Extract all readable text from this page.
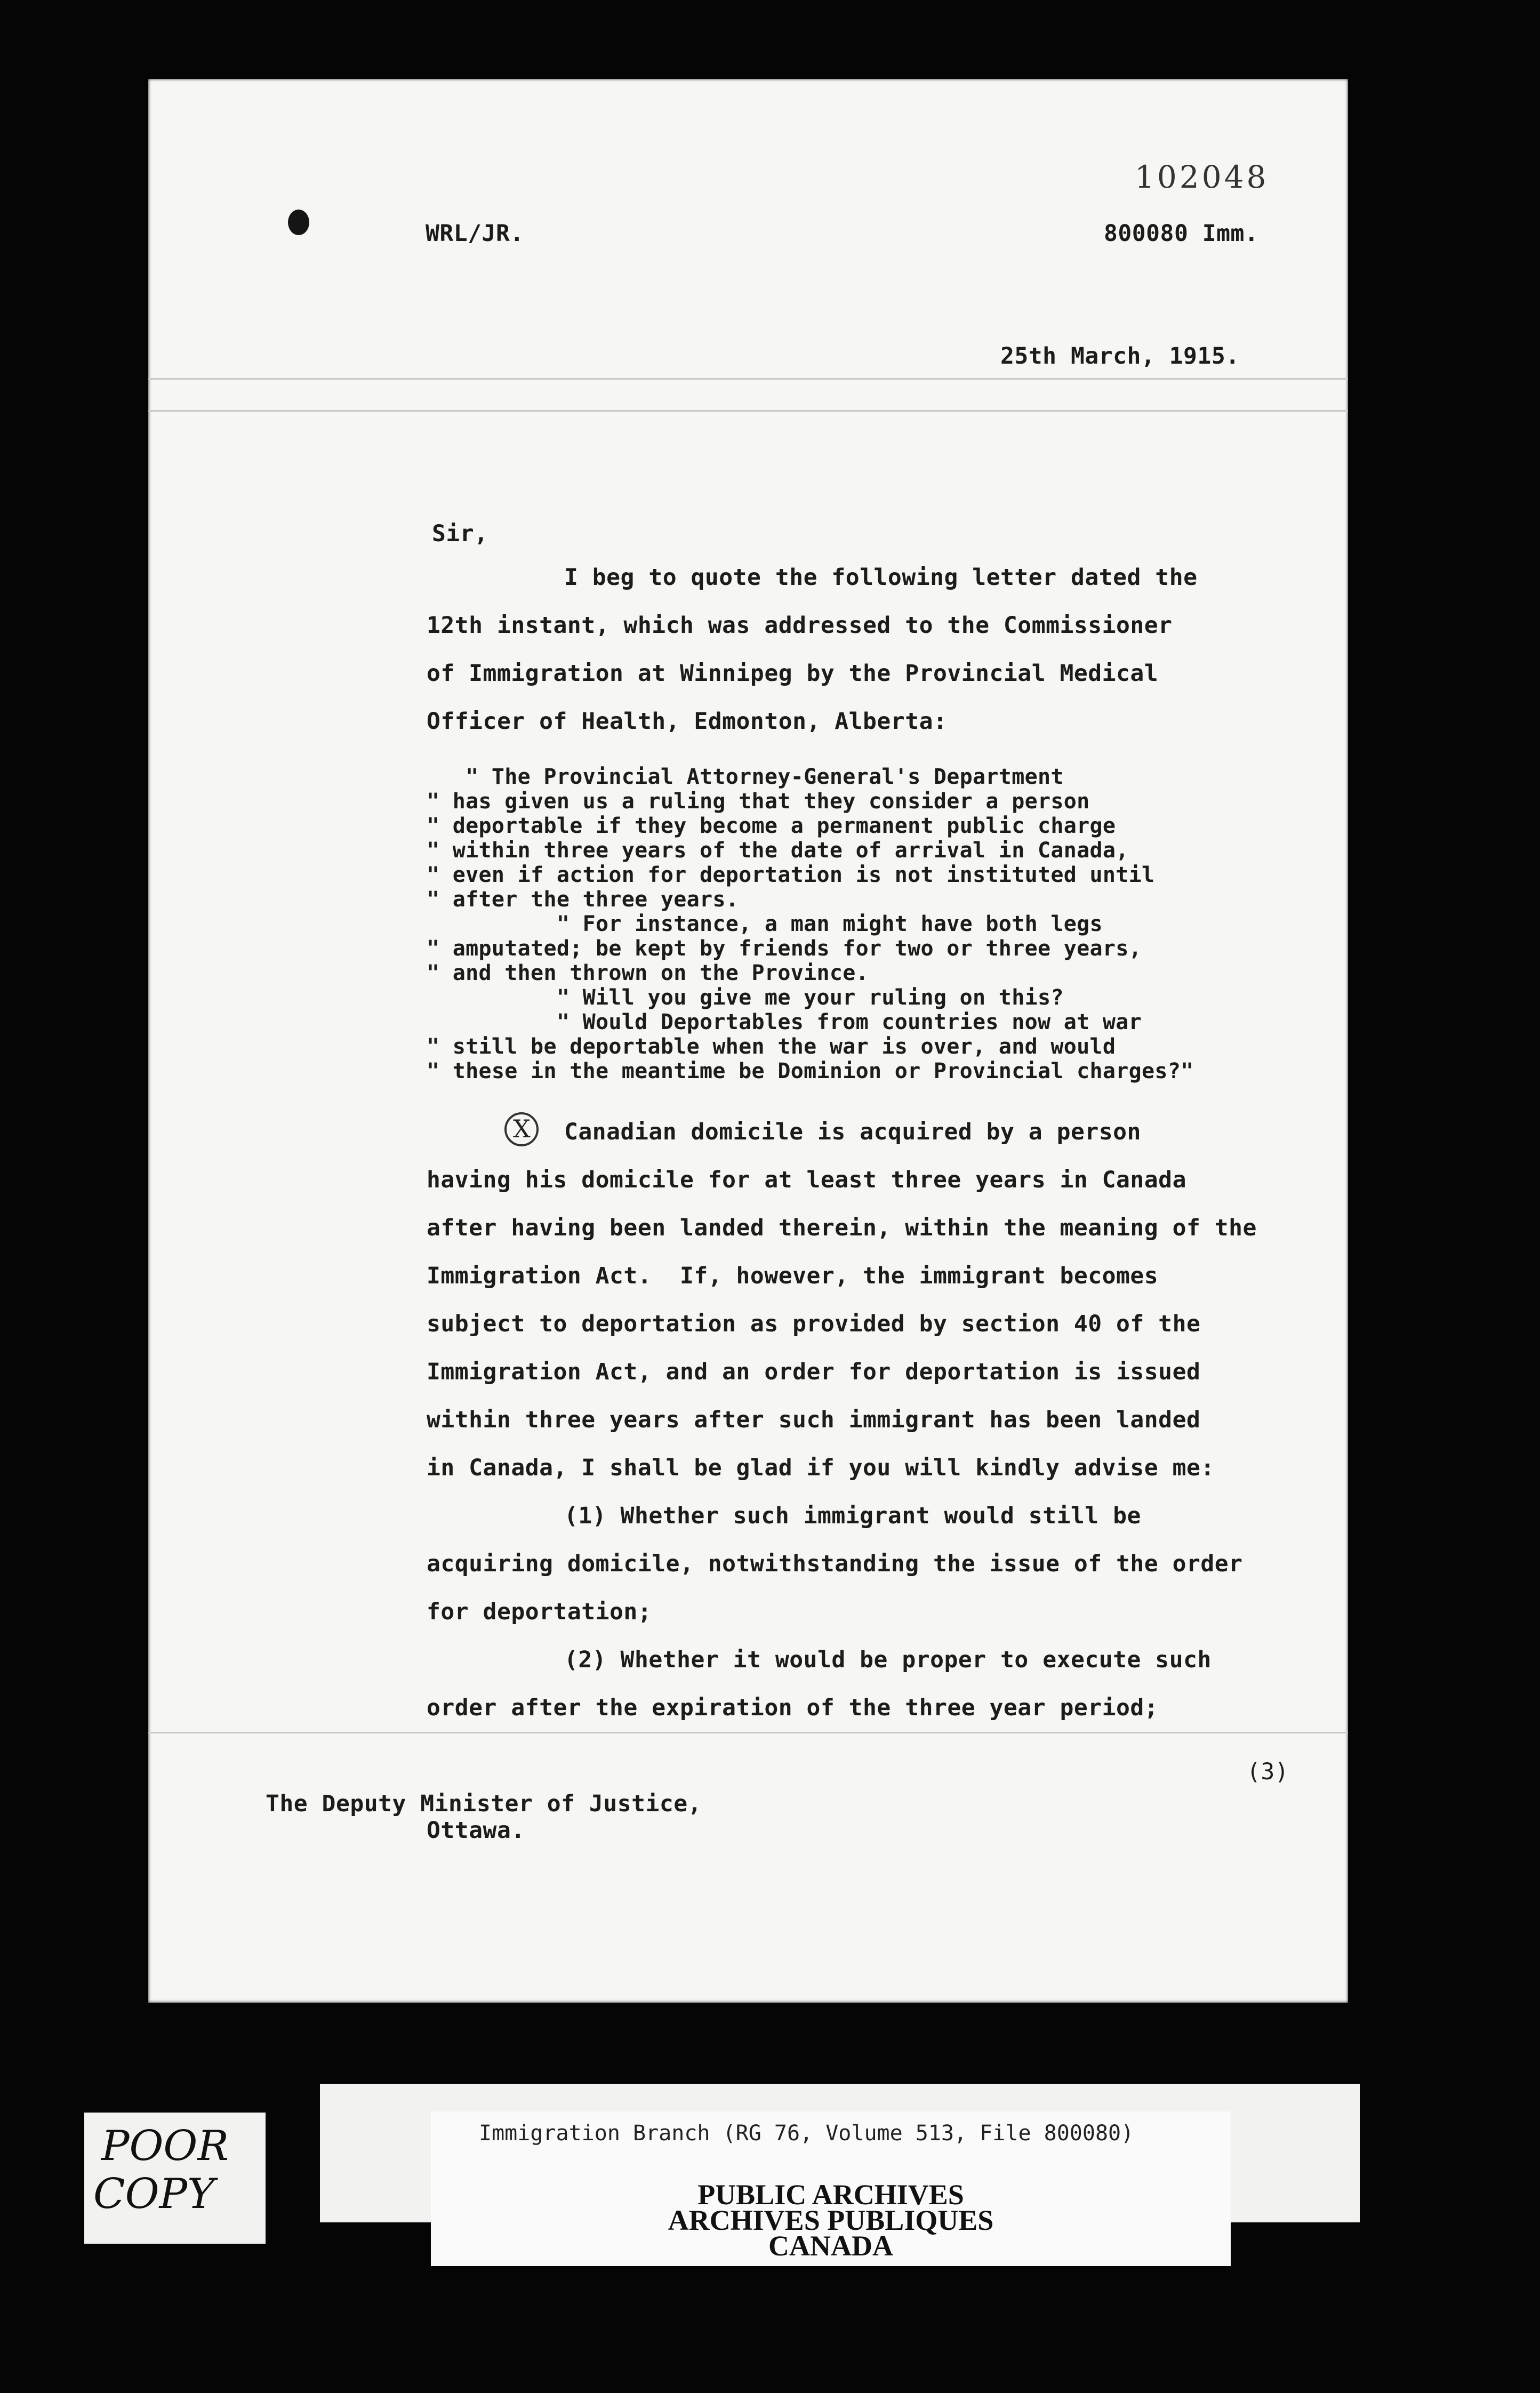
102048
WRL/JR.	800080 Imm.
25th March, 1915.
Sir,
I beg to quote the following letter dated the
12th instant, which was addressed to the Commissioner
of Immigration at Winnipeg by the Provincial Medical
Officer of Health, Edmonton, Alberta:
" The Provincial Attorney-General's Department
" has given us a ruling that they consider a person
" deportable if they become a permanent public charge
" within three years of the date of arrival in Canada,
" even if action for deportation is not instituted until
" after the three years.
" For instance, a man might have both legs
" amputated; be kept by friends for two or three years,
" and then thrown on the Province.
" Will you give me your ruling on this?
" Would Deportables from countries now at war
" still be deportable when the war is over, and would
" these in the meantime be Dominion or Provincial charges?"
X Canadian domicile is acquired by a person
having his domicile for at least three years in Canada
after having been landed therein, within the meaning of the
Immigration Act.  If, however, the immigrant becomes
subject to deportation as provided by section 40 of the
Immigration Act, and an order for deportation is issued
within three years after such immigrant has been landed
in Canada, I shall be glad if you will kindly advise me:
(1) Whether such immigrant would still be
acquiring domicile, notwithstanding the issue of the order
for deportation;
(2) Whether it would be proper to execute such
order after the expiration of the three year period;
(3)
The Deputy Minister of Justice,
Ottawa.
POOR
COPY
Immigration Branch (RG 76, Volume 513, File 800080)
PUBLIC ARCHIVES
ARCHIVES PUBLIQUES
CANADA
